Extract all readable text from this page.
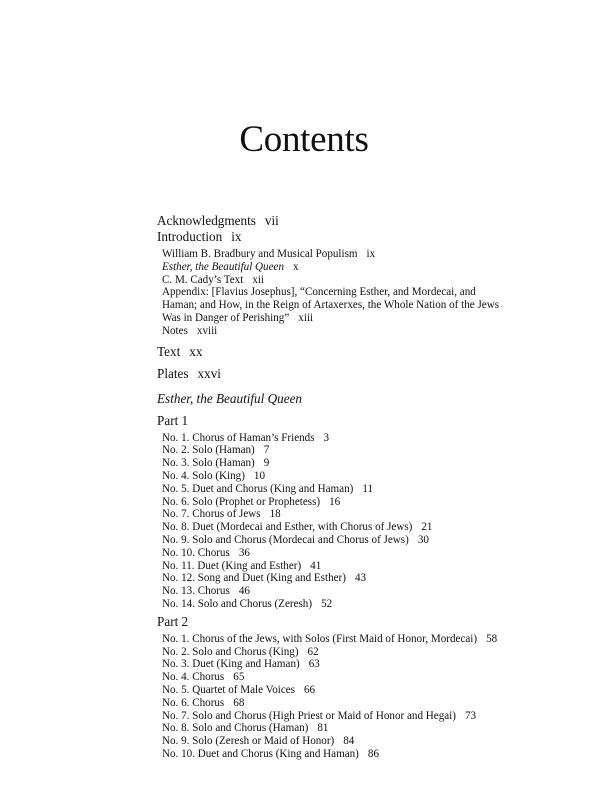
Contents
Acknowledgments vii
Introduction ix
William B. Bradbury and Musical Populism ix
Esther, the Beautiful Queen x
C. M. Cady’s Text xii
Appendix: [Flavius Josephus], “Concerning Esther, and Mordecai, and Haman; and How, in the Reign of Artaxerxes, the Whole Nation of the Jews Was in Danger of Perishing” xiii
Notes xviii
Text xx
Plates xxvi
Esther, the Beautiful Queen
Part 1
No. 1. Chorus of Haman’s Friends 3
No. 2. Solo (Haman) 7
No. 3. Solo (Haman) 9
No. 4. Solo (King) 10
No. 5. Duet and Chorus (King and Haman) 11
No. 6. Solo (Prophet or Prophetess) 16
No. 7. Chorus of Jews 18
No. 8. Duet (Mordecai and Esther, with Chorus of Jews) 21
No. 9. Solo and Chorus (Mordecai and Chorus of Jews) 30
No. 10. Chorus 36
No. 11. Duet (King and Esther) 41
No. 12. Song and Duet (King and Esther) 43
No. 13. Chorus 46
No. 14. Solo and Chorus (Zeresh) 52
Part 2
No. 1. Chorus of the Jews, with Solos (First Maid of Honor, Mordecai) 58
No. 2. Solo and Chorus (King) 62
No. 3. Duet (King and Haman) 63
No. 4. Chorus 65
No. 5. Quartet of Male Voices 66
No. 6. Chorus 68
No. 7. Solo and Chorus (High Priest or Maid of Honor and Hegai) 73
No. 8. Solo and Chorus (Haman) 81
No. 9. Solo (Zeresh or Maid of Honor) 84
No. 10. Duet and Chorus (King and Haman) 86
